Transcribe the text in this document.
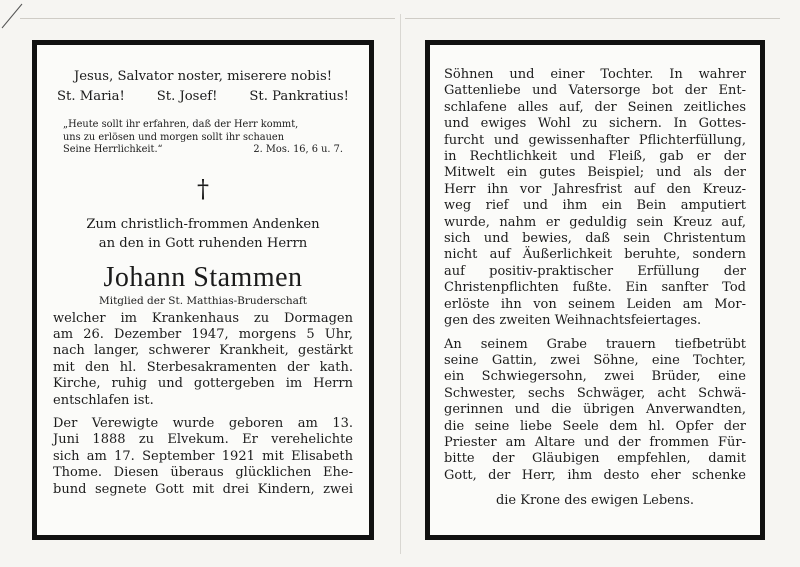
Jesus, Salvator noster, miserere nobis!
St. Maria! St. Josef! St. Pankratius!
„Heute sollt ihr erfahren, daß der Herr kommt,
uns zu erlösen und morgen sollt ihr schauen
Seine Herrlichkeit.“	2. Mos. 16, 6 u. 7.
†
Zum christlich-frommen Andenken
an den in Gott ruhenden Herrn
Johann Stammen
Mitglied der St. Matthias-Bruderschaft
welcher im Krankenhaus zu Dormagen
am 26. Dezember 1947, morgens 5 Uhr,
nach langer, schwerer Krankheit, gestärkt
mit den hl. Sterbesakramenten der kath.
Kirche, ruhig und gottergeben im Herrn
entschlafen ist.
Der Verewigte wurde geboren am 13.
Juni 1888 zu Elvekum. Er verehelichte
sich am 17. September 1921 mit Elisabeth
Thome. Diesen überaus glücklichen Ehe-
bund segnete Gott mit drei Kindern, zwei
Söhnen und einer Tochter. In wahrer
Gattenliebe und Vatersorge bot der Ent-
schlafene alles auf, der Seinen zeitliches
und ewiges Wohl zu sichern. In Gottes-
furcht und gewissenhafter Pflichterfüllung,
in Rechtlichkeit und Fleiß, gab er der
Mitwelt ein gutes Beispiel; und als der
Herr ihn vor Jahresfrist auf den Kreuz-
weg rief und ihm ein Bein amputiert
wurde, nahm er geduldig sein Kreuz auf,
sich und bewies, daß sein Christentum
nicht auf Äußerlichkeit beruhte, sondern
auf positiv-praktischer Erfüllung der
Christenpflichten fußte. Ein sanfter Tod
erlöste ihn von seinem Leiden am Mor-
gen des zweiten Weihnachtsfeiertages.
An seinem Grabe trauern tiefbetrübt
seine Gattin, zwei Söhne, eine Tochter,
ein Schwiegersohn, zwei Brüder, eine
Schwester, sechs Schwäger, acht Schwä-
gerinnen und die übrigen Anverwandten,
die seine liebe Seele dem hl. Opfer der
Priester am Altare und der frommen Für-
bitte der Gläubigen empfehlen, damit
Gott, der Herr, ihm desto eher schenke
die Krone des ewigen Lebens.
